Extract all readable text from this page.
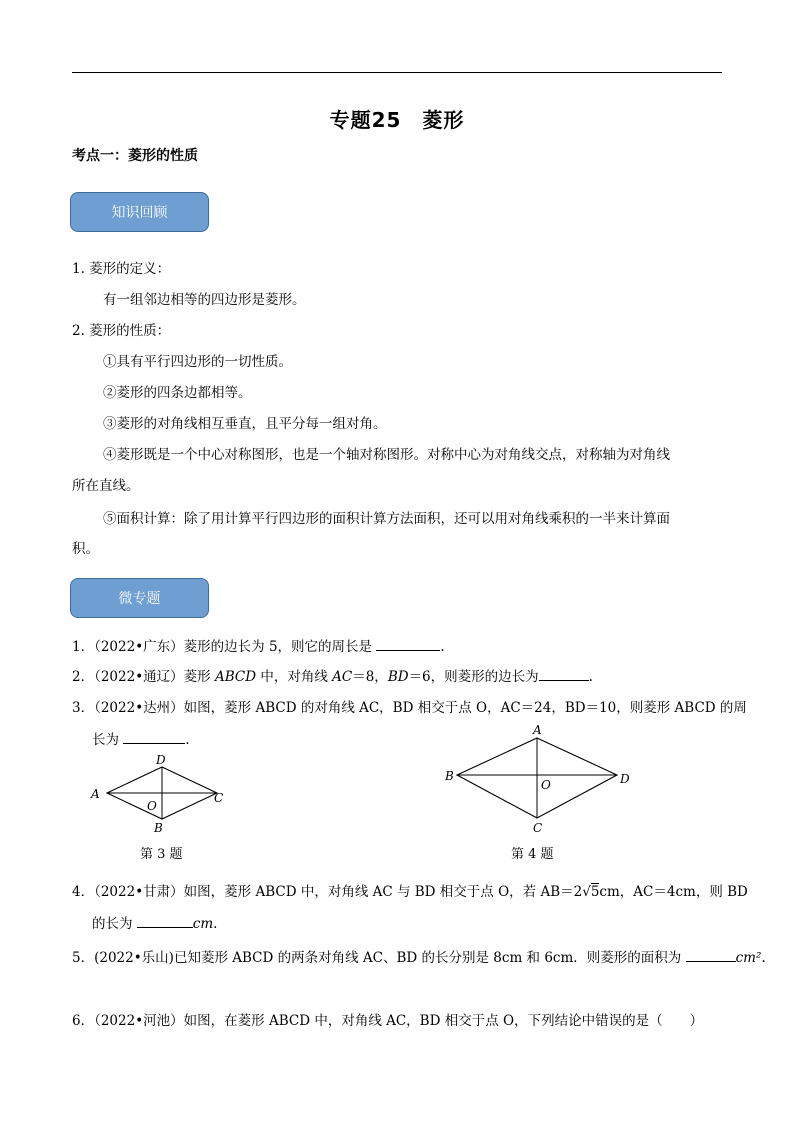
专题25　菱形
考点一：菱形的性质
知识回顾
1. 菱形的定义：
有一组邻边相等的四边形是菱形。
2. 菱形的性质：
①具有平行四边形的一切性质。
②菱形的四条边都相等。
③菱形的对角线相互垂直，且平分每一组对角。
④菱形既是一个中心对称图形，也是一个轴对称图形。对称中心为对角线交点，对称轴为对角线
所在直线。
⑤面积计算：除了用计算平行四边形的面积计算方法面积，还可以用对角线乘积的一半来计算面
积。
微专题
1．（2022•广东）菱形的边长为 5，则它的周长是	.
2．（2022•通辽）菱形 ABCD 中，对角线 AC＝8，BD＝6，则菱形的边长为	.
3．（2022•达州）如图，菱形 ABCD 的对角线 AC，BD 相交于点 O，AC＝24，BD＝10，则菱形 ABCD 的周
长为	.
A
D
C
B
O
第 3 题
A
B	D
C
O
第 4 题
4．（2022•甘肃）如图，菱形 ABCD 中，对角线 AC 与 BD 相交于点 O，若 AB＝2√5cm，AC＝4cm，则 BD
的长为	cm.
5．(2022•乐山)已知菱形 ABCD 的两条对角线 AC、BD 的长分别是 8cm 和 6cm．则菱形的面积为	cm².
6．（2022•河池）如图，在菱形 ABCD 中，对角线 AC，BD 相交于点 O，下列结论中错误的是（　　）
